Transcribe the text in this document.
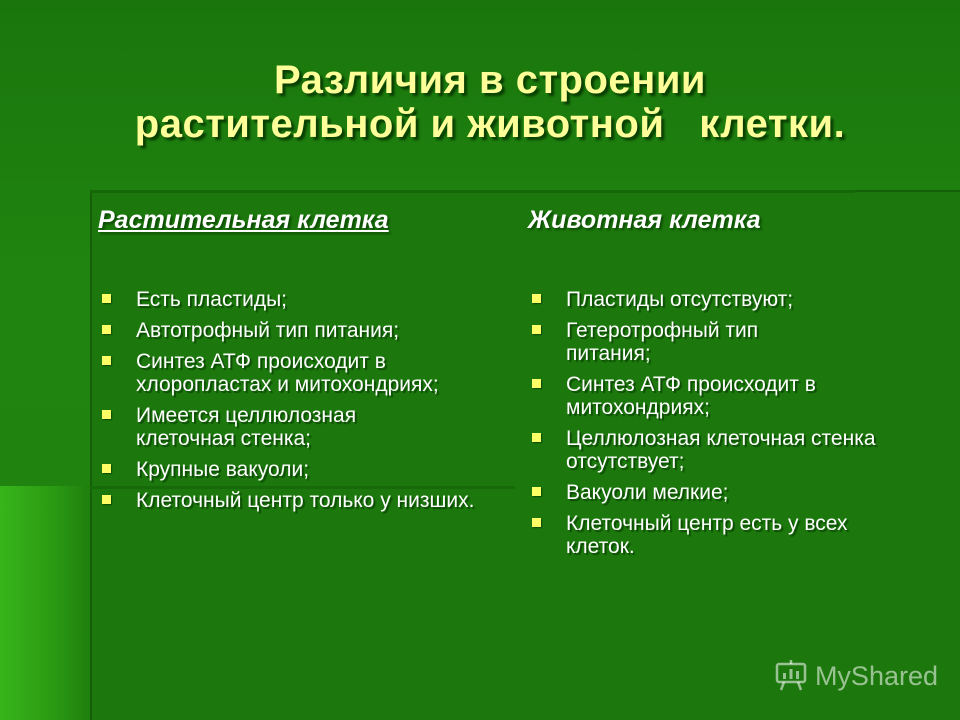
Различия в строении
растительной и животной   клетки.
Растительная клетка	Животная клетка
Есть пластиды;
Автотрофный тип питания;
Синтез АТФ происходит в хлоропластах и митохондриях;
Имеется целлюлозная клеточная стенка;
Крупные вакуоли;
Клеточный центр только у низших.
Пластиды отсутствуют;
Гетеротрофный тип питания;
Синтез АТФ происходит в митохондриях;
Целлюлозная клеточная стенка отсутствует;
Вакуоли мелкие;
Клеточный центр есть у всех клеток.
MyShared
